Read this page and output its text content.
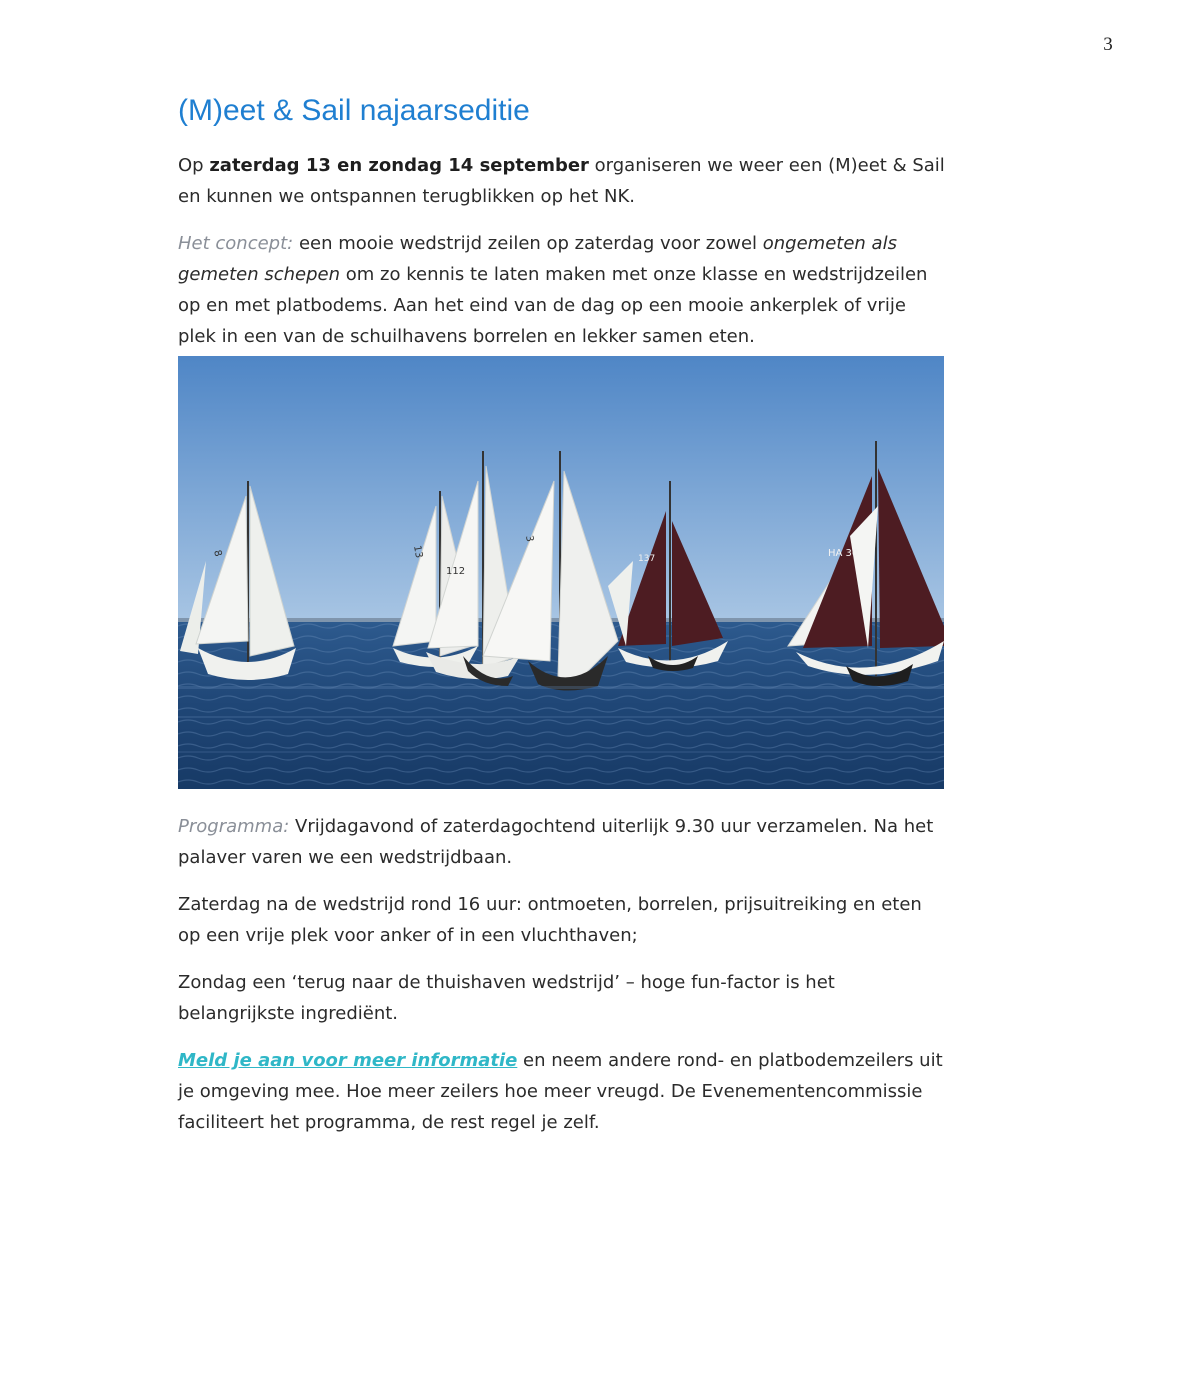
3
(M)eet & Sail najaarseditie

Op zaterdag 13 en zondag 14 september organiseren we weer een (M)eet & Sail en kunnen we ontspannen terugblikken op het NK.

Het concept: een mooie wedstrijd zeilen op zaterdag voor zowel ongemeten als gemeten schepen om zo kennis te laten maken met onze klasse en wedstrijdzeilen op en met platbodems. Aan het eind van de dag op een mooie ankerplek of vrije plek in een van de schuilhavens borrelen en lekker samen eten.

8	13
112
3
137	HA 30

Programma: Vrijdagavond of zaterdagochtend uiterlijk 9.30 uur verzamelen. Na het palaver varen we een wedstrijdbaan.

Zaterdag na de wedstrijd rond 16 uur: ontmoeten, borrelen, prijsuitreiking en eten op een vrije plek voor anker of in een vluchthaven;

Zondag een ‘terug naar de thuishaven wedstrijd’ – hoge fun-factor is het belangrijkste ingrediënt.

Meld je aan voor meer informatie en neem andere rond- en platbodemzeilers uit je omgeving mee. Hoe meer zeilers hoe meer vreugd. De Evenementencommissie faciliteert het programma, de rest regel je zelf.
